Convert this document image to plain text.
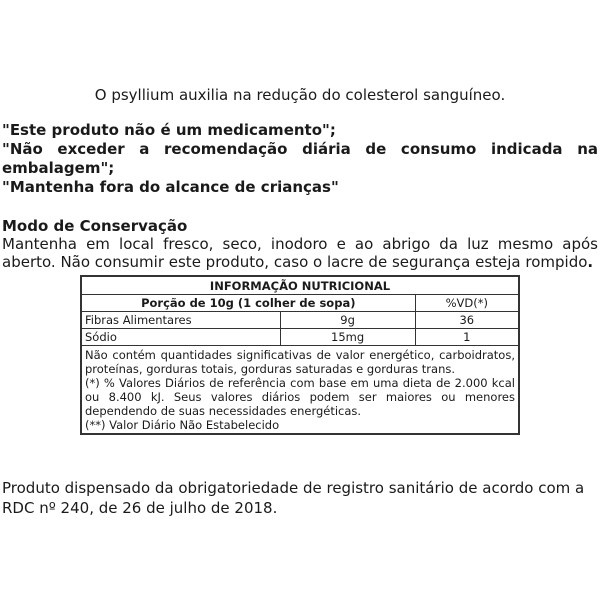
O psyllium auxilia na redução do colesterol sanguíneo.

"Este produto não é um medicamento";

"Não exceder a recomendação diária de consumo indicada na embalagem";

"Mantenha fora do alcance de crianças"

Modo de Conservação

Mantenha em local fresco, seco, inodoro e ao abrigo da luz mesmo após aberto. Não consumir este produto, caso o lacre de segurança esteja rompido.

INFORMAÇÃO NUTRICIONAL		
Porção de 10g (1 colher de sopa)		%VD(*)
Fibras Alimentares	9g	36
Sódio	15mg	1

Não contém quantidades significativas de valor energético, carboidratos, proteínas, gorduras totais, gorduras saturadas e gorduras trans.

(*) % Valores Diários de referência com base em uma dieta de 2.000 kcal ou 8.400 kJ. Seus valores diários podem ser maiores ou menores dependendo de suas necessidades energéticas.

(**) Valor Diário Não Estabelecido		

Produto dispensado da obrigatoriedade de registro sanitário de acordo com a RDC nº 240, de 26 de julho de 2018.
